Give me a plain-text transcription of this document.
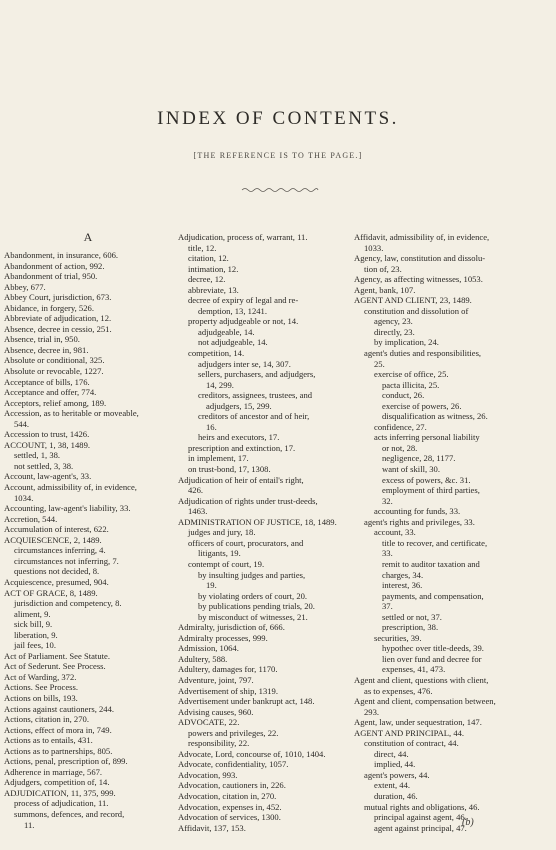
INDEX OF CONTENTS.
[THE REFERENCE IS TO THE PAGE.]
A
Abandonment, in insurance, 606.
Abandonment of action, 992.
Abandonment of trial, 950.
Abbey, 677.
Abbey Court, jurisdiction, 673.
Abidance, in forgery, 526.
Abbreviate of adjudication, 12.
Absence, decree in cessio, 251.
Absence, trial in, 950.
Absence, decree in, 981.
Absolute or conditional, 325.
Absolute or revocable, 1227.
Acceptance of bills, 176.
Acceptance and offer, 774.
Acceptors, relief among, 189.
Accession, as to heritable or moveable,
544.
Accession to trust, 1426.
ACCOUNT, 1, 38, 1489.
settled, 1, 38.
not settled, 3, 38.
Account, law-agent's, 33.
Account, admissibility of, in evidence,
1034.
Accounting, law-agent's liability, 33.
Accretion, 544.
Accumulation of interest, 622.
ACQUIESCENCE, 2, 1489.
circumstances inferring, 4.
circumstances not inferring, 7.
questions not decided, 8.
Acquiescence, presumed, 904.
ACT OF GRACE, 8, 1489.
jurisdiction and competency, 8.
aliment, 9.
sick bill, 9.
liberation, 9.
jail fees, 10.
Act of Parliament. See Statute.
Act of Sederunt. See Process.
Act of Warding, 372.
Actions. See Process.
Actions on bills, 193.
Actions against cautioners, 244.
Actions, citation in, 270.
Actions, effect of mora in, 749.
Actions as to entails, 431.
Actions as to partnerships, 805.
Actions, penal, prescription of, 899.
Adherence in marriage, 567.
Adjudgers, competition of, 14.
ADJUDICATION, 11, 375, 999.
process of adjudication, 11.
summons, defences, and record,
11.
Adjudication, process of, warrant, 11.
title, 12.
citation, 12.
intimation, 12.
decree, 12.
abbreviate, 13.
decree of expiry of legal and re-
demption, 13, 1241.
property adjudgeable or not, 14.
adjudgeable, 14.
not adjudgeable, 14.
competition, 14.
adjudgers inter se, 14, 307.
sellers, purchasers, and adjudgers,
14, 299.
creditors, assignees, trustees, and
adjudgers, 15, 299.
creditors of ancestor and of heir,
16.
heirs and executors, 17.
prescription and extinction, 17.
in implement, 17.
on trust-bond, 17, 1308.
Adjudication of heir of entail's right,
426.
Adjudication of rights under trust-deeds,
1463.
ADMINISTRATION OF JUSTICE, 18, 1489.
judges and jury, 18.
officers of court, procurators, and
litigants, 19.
contempt of court, 19.
by insulting judges and parties,
19.
by violating orders of court, 20.
by publications pending trials, 20.
by misconduct of witnesses, 21.
Admiralty, jurisdiction of, 666.
Admiralty processes, 999.
Admission, 1064.
Adultery, 588.
Adultery, damages for, 1170.
Adventure, joint, 797.
Advertisement of ship, 1319.
Advertisement under bankrupt act, 148.
Advising causes, 960.
ADVOCATE, 22.
powers and privileges, 22.
responsibility, 22.
Advocate, Lord, concourse of, 1010, 1404.
Advocate, confidentiality, 1057.
Advocation, 993.
Advocation, cautioners in, 226.
Advocation, citation in, 270.
Advocation, expenses in, 452.
Advocation of services, 1300.
Affidavit, 137, 153.
Affidavit, admissibility of, in evidence,
1033.
Agency, law, constitution and dissolu-
tion of, 23.
Agency, as affecting witnesses, 1053.
Agent, bank, 107.
AGENT AND CLIENT, 23, 1489.
constitution and dissolution of
agency, 23.
directly, 23.
by implication, 24.
agent's duties and responsibilities,
25.
exercise of office, 25.
pacta illicita, 25.
conduct, 26.
exercise of powers, 26.
disqualification as witness, 26.
confidence, 27.
acts inferring personal liability
or not, 28.
negligence, 28, 1177.
want of skill, 30.
excess of powers, &c. 31.
employment of third parties,
32.
accounting for funds, 33.
agent's rights and privileges, 33.
account, 33.
title to recover, and certificate,
33.
remit to auditor taxation and
charges, 34.
interest, 36.
payments, and compensation,
37.
settled or not, 37.
prescription, 38.
securities, 39.
hypothec over title-deeds, 39.
lien over fund and decree for
expenses, 41, 473.
Agent and client, questions with client,
as to expenses, 476.
Agent and client, compensation between,
293.
Agent, law, under sequestration, 147.
AGENT AND PRINCIPAL, 44.
constitution of contract, 44.
direct, 44.
implied, 44.
agent's powers, 44.
extent, 44.
duration, 46.
mutual rights and obligations, 46.
principal against agent, 46.
agent against principal, 47.
(b)
